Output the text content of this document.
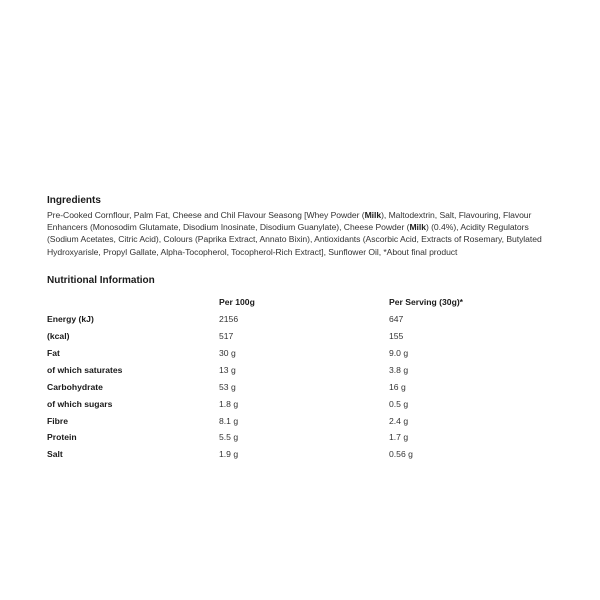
Ingredients

Pre-Cooked Cornflour, Palm Fat, Cheese and Chil Flavour Seasong [Whey Powder (Milk), Maltodextrin, Salt, Flavouring, Flavour Enhancers (Monosodim Glutamate, Disodium Inosinate, Disodium Guanylate), Cheese Powder (Milk) (0.4%), Acidity Regulators (Sodium Acetates, Citric Acid), Colours (Paprika Extract, Annato Bixin), Antioxidants (Ascorbic Acid, Extracts of Rosemary, Butylated Hydroxyarisle, Propyl Gallate, Alpha-Tocopherol, Tocopherol-Rich Extract], Sunflower Oil, *About final product

Nutritional Information
	Per 100g	Per Serving (30g)*
Energy (kJ)	2156	647
(kcal)	517	155
Fat	30 g	9.0 g
of which saturates	13 g	3.8 g
Carbohydrate	53 g	16 g
of which sugars	1.8 g	0.5 g
Fibre	8.1 g	2.4 g
Protein	5.5 g	1.7 g
Salt	1.9 g	0.56 g
